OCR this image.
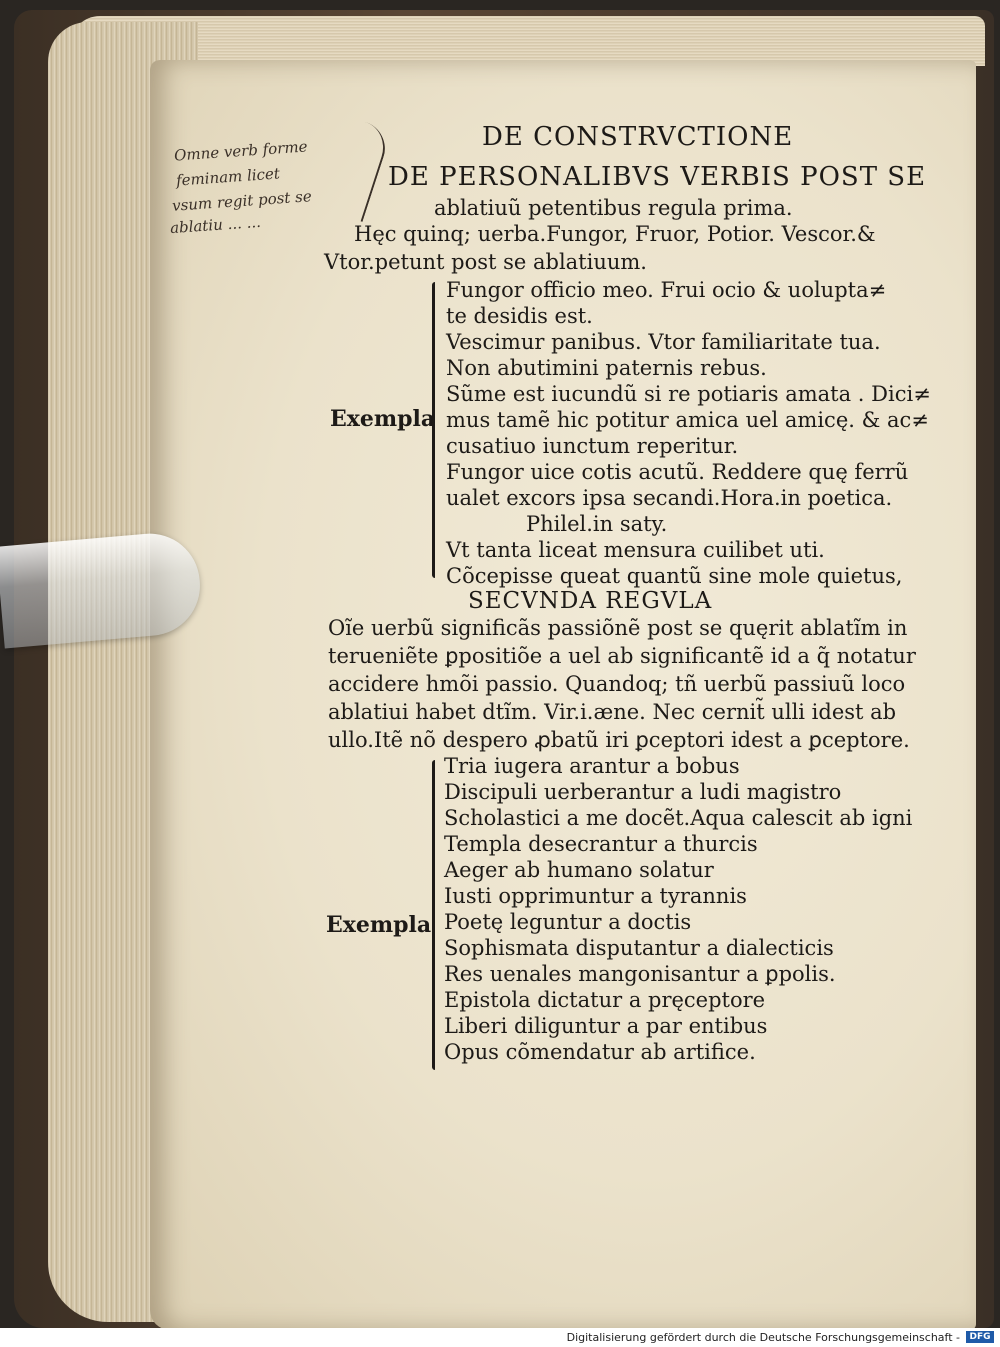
Omne verb forme
feminam licet
vsum regit post se
ablatiu ... ...
DE CONSTRVCTIONE
DE PERSONALIBVS VERBIS POST SE
ablatiuũ petentibus regula prima.
Hęc quinq; uerba.Fungor, Fruor, Potior. Vescor.&
Vtor.petunt post se ablatiuum.
Exempla
Fungor officio meo. Frui ocio & uolupta≠
te desidis est.
Vescimur panibus. Vtor familiaritate tua.
Non abutimini paternis rebus.
Sũme est iucundũ si re potiaris amata . Dici≠
mus tamẽ hic potitur amica uel amicę. & ac≠
cusatiuo iunctum reperitur.
Fungor uice cotis acutũ. Reddere quę ferrũ
ualet excors ipsa secandi.Hora.in poetica.
Philel.in saty.
Vt tanta liceat mensura cuilibet uti.
Cõcepisse queat quantũ sine mole quietus,
SECVNDA REGVLA
Oĩe uerbũ significãs passiõnẽ post se quęrit ablatĩm in
terueniẽte ꝑpositiõe a uel ab significantẽ id a q̃ notatur
accidere hmõi passio. Quandoq; tñ uerbũ passiuũ loco
ablatiui habet dtĩm. Vir.i.æne. Nec cernit̃ ulli idest ab
ullo.Itẽ nõ despero ꝓbatũ iri ꝑceptori idest a ꝑceptore.
Exempla
Tria iugera arantur a bobus
Discipuli uerberantur a ludi magistro
Scholastici a me docẽt.Aqua calescit ab igni
Templa desecrantur a thurcis
Aeger ab humano solatur
Iusti opprimuntur a tyrannis
Poetę leguntur a doctis
Sophismata disputantur a dialecticis
Res uenales mangonisantur a ꝑpolis.
Epistola dictatur a pręceptore
Liberi diliguntur a par entibus
Opus cõmendatur ab artifice.
Digitalisierung gefördert durch die Deutsche Forschungsgemeinschaft -	DFG
